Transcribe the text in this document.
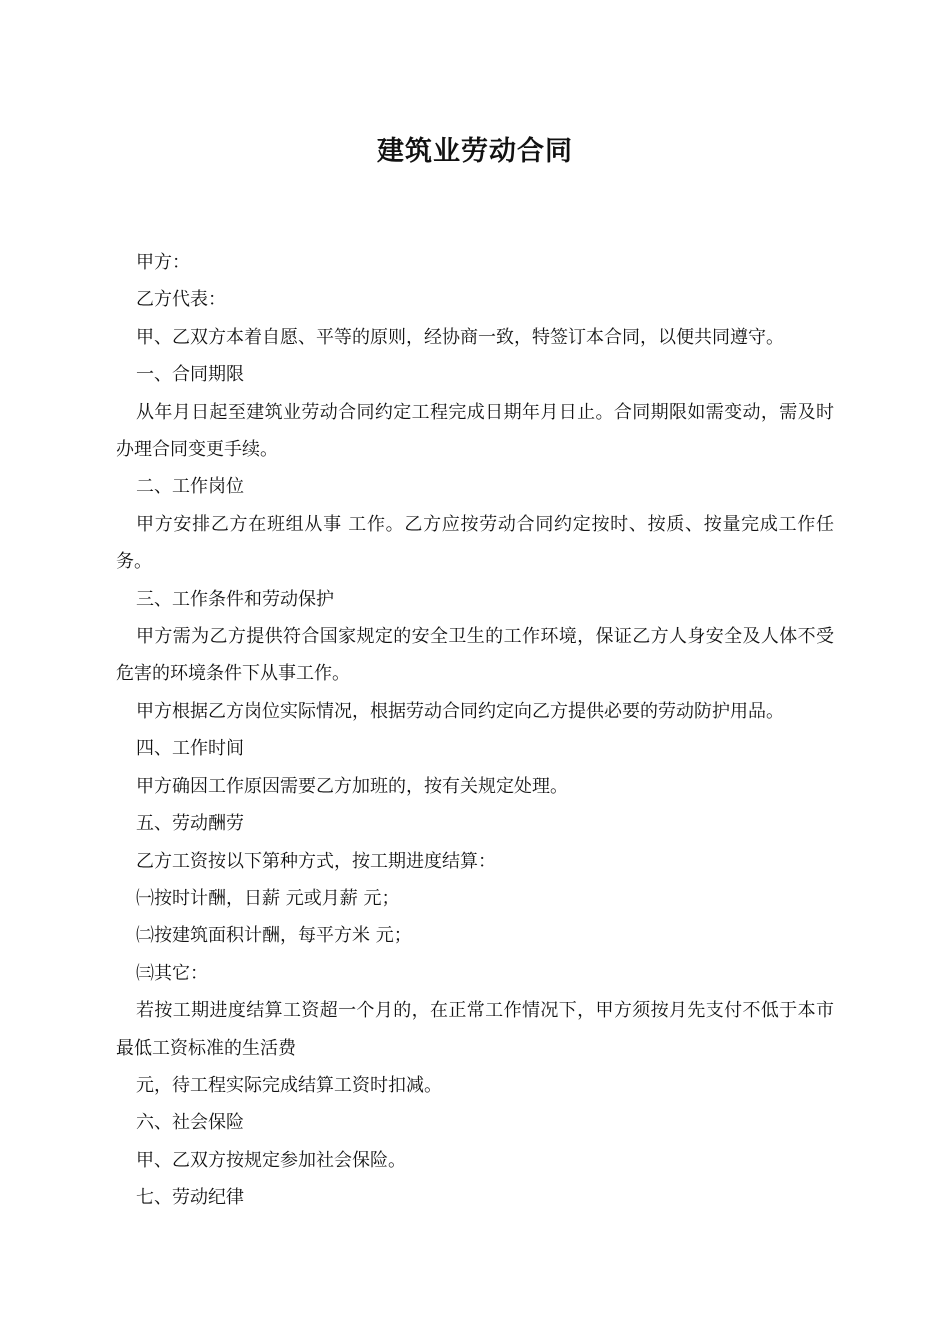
建筑业劳动合同

甲方：

乙方代表：

甲、乙双方本着自愿、平等的原则，经协商一致，特签订本合同，以便共同遵守。

一、合同期限

从年月日起至建筑业劳动合同约定工程完成日期年月日止。合同期限如需变动，需及时办理合同变更手续。

二、工作岗位

甲方安排乙方在班组从事 工作。乙方应按劳动合同约定按时、按质、按量完成工作任务。

三、工作条件和劳动保护

甲方需为乙方提供符合国家规定的安全卫生的工作环境，保证乙方人身安全及人体不受危害的环境条件下从事工作。

甲方根据乙方岗位实际情况，根据劳动合同约定向乙方提供必要的劳动防护用品。

四、工作时间

甲方确因工作原因需要乙方加班的，按有关规定处理。

五、劳动酬劳

乙方工资按以下第种方式，按工期进度结算：

㈠按时计酬，日薪 元或月薪 元；

㈡按建筑面积计酬，每平方米 元；

㈢其它：

若按工期进度结算工资超一个月的，在正常工作情况下，甲方须按月先支付不低于本市最低工资标准的生活费

元，待工程实际完成结算工资时扣减。

六、社会保险

甲、乙双方按规定参加社会保险。

七、劳动纪律
